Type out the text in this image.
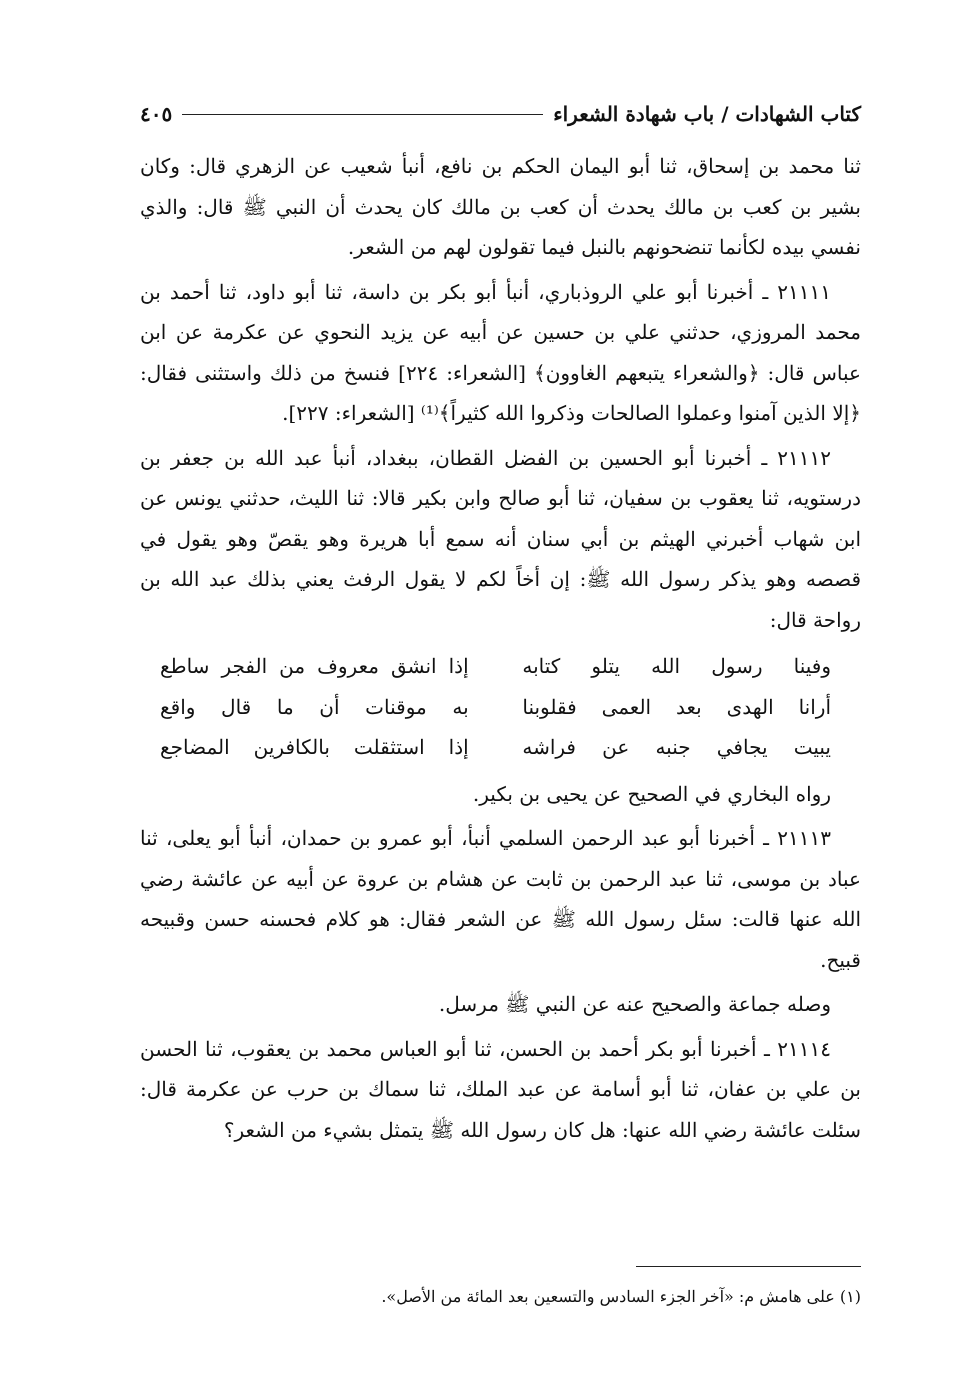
كتاب الشهادات / باب شهادة الشعراء
٤٠٥

ثنا محمد بن إسحاق، ثنا أبو اليمان الحكم بن نافع، أنبأ شعيب عن الزهري قال: وكان بشير بن كعب بن مالك يحدث أن كعب بن مالك كان يحدث أن النبي ﷺ قال: والذي نفسي بيده لكأنما تنضحونهم بالنبل فيما تقولون لهم من الشعر.

٢١١١١ ـ أخبرنا أبو علي الروذباري، أنبأ أبو بكر بن داسة، ثنا أبو داود، ثنا أحمد بن محمد المروزي، حدثني علي بن حسين عن أبيه عن يزيد النحوي عن عكرمة عن ابن عباس قال: ﴿والشعراء يتبعهم الغاوون﴾ [الشعراء: ٢٢٤] فنسخ من ذلك واستثنى فقال: ﴿إلا الذين آمنوا وعملوا الصالحات وذكروا الله كثيراً﴾⁽¹⁾ [الشعراء: ٢٢٧].

٢١١١٢ ـ أخبرنا أبو الحسين بن الفضل القطان، ببغداد، أنبأ عبد الله بن جعفر بن درستويه، ثنا يعقوب بن سفيان، ثنا أبو صالح وابن بكير قالا: ثنا الليث، حدثني يونس عن ابن شهاب أخبرني الهيثم بن أبي سنان أنه سمع أبا هريرة وهو يقصّ وهو يقول في قصصه وهو يذكر رسول الله ﷺ: إن أخاً لكم لا يقول الرفث يعني بذلك عبد الله بن رواحة قال:

وفينا رسول الله يتلو كتابه
إذا انشق معروف من الفجر ساطع
أرانا الهدى بعد العمى فقلوبنا
به موقنات أن ما قال واقع
يبيت يجافي جنبه عن فراشه
إذا استثقلت بالكافرين المضاجع

رواه البخاري في الصحيح عن يحيى بن بكير.

٢١١١٣ ـ أخبرنا أبو عبد الرحمن السلمي أنبأ، أبو عمرو بن حمدان، أنبأ أبو يعلى، ثنا عباد بن موسى، ثنا عبد الرحمن بن ثابت عن هشام بن عروة عن أبيه عن عائشة رضي الله عنها قالت: سئل رسول الله ﷺ عن الشعر فقال: هو كلام فحسنه حسن وقبيحه قبيح.

وصله جماعة والصحيح عنه عن النبي ﷺ مرسل.

٢١١١٤ ـ أخبرنا أبو بكر أحمد بن الحسن، ثنا أبو العباس محمد بن يعقوب، ثنا الحسن بن علي بن عفان، ثنا أبو أسامة عن عبد الملك، ثنا سماك بن حرب عن عكرمة قال: سئلت عائشة رضي الله عنها: هل كان رسول الله ﷺ يتمثل بشيء من الشعر؟

(١) على هامش م: «آخر الجزء السادس والتسعين بعد المائة من الأصل».
